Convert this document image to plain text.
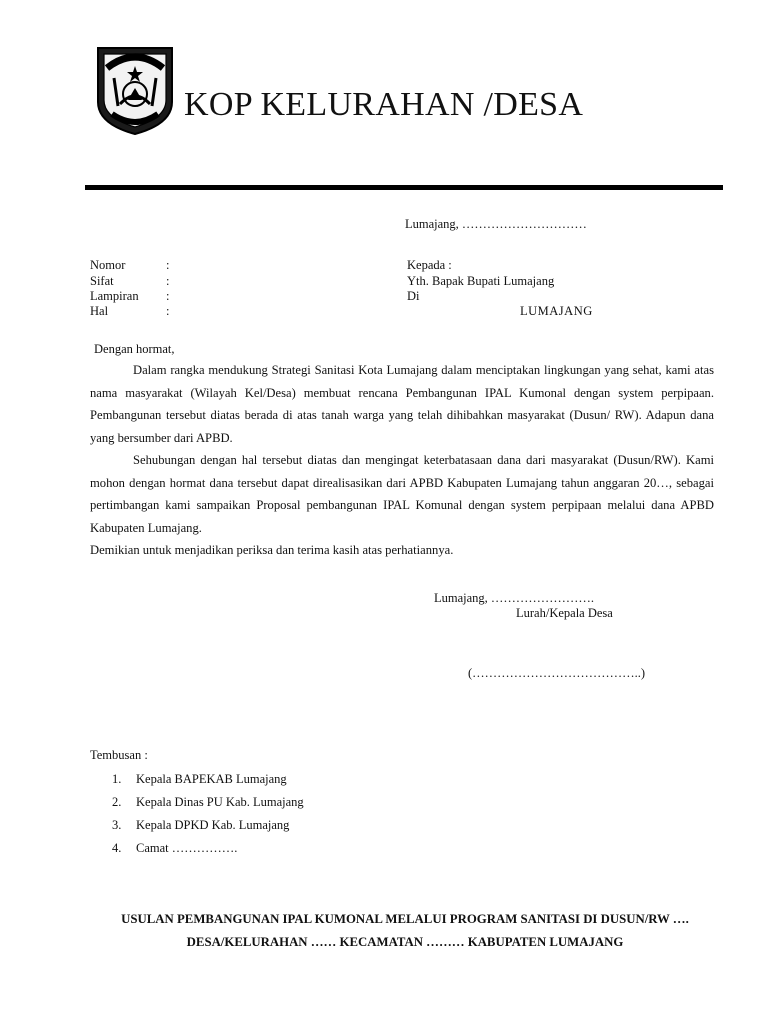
KOP KELURAHAN /DESA
Lumajang, …………………………
Nomor
Sifat
Lampiran
Hal
:
:
:
:
Kepada :
Yth. Bapak Bupati Lumajang
Di
LUMAJANG
Dengan hormat,

Dalam rangka mendukung Strategi Sanitasi Kota Lumajang dalam menciptakan lingkungan yang sehat, kami atas nama masyarakat (Wilayah Kel/Desa) membuat rencana Pembangunan IPAL Kumonal dengan system perpipaan. Pembangunan tersebut diatas berada di atas tanah warga yang telah dihibahkan masyarakat (Dusun/ RW). Adapun dana yang bersumber dari APBD.

Sehubungan dengan hal tersebut diatas dan mengingat keterbatasaan dana dari masyarakat (Dusun/RW). Kami mohon dengan hormat dana tersebut dapat direalisasikan dari APBD Kabupaten Lumajang tahun anggaran 20…, sebagai pertimbangan kami sampaikan Proposal pembangunan IPAL Komunal dengan system perpipaan melalui dana APBD Kabupaten Lumajang.

Demikian untuk menjadikan periksa dan terima kasih atas perhatiannya.

Lumajang, …………………….
Lurah/Kepala Desa
(…………………………………..)
Tembusan :
1. Kepala BAPEKAB Lumajang
2. Kepala Dinas PU Kab. Lumajang
3. Kepala DPKD Kab. Lumajang
4. Camat …………….
USULAN PEMBANGUNAN IPAL KUMONAL MELALUI PROGRAM SANITASI DI DUSUN/RW …. DESA/KELURAHAN …… KECAMATAN ……… KABUPATEN LUMAJANG
